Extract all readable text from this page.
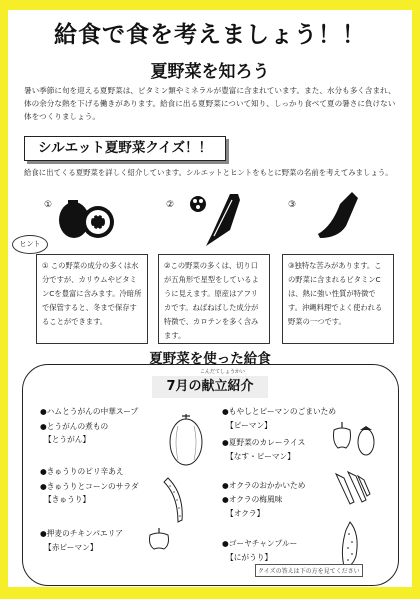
給食で食を考えましょう！！
夏野菜を知ろう
暑い季節に旬を迎える夏野菜は、ビタミン類やミネラルが豊富に含まれています。また、水分も多く含まれ、体の余分な熱を下げる働きがあります。給食に出る夏野菜について知り、しっかり食べて夏の暑さに負けない体をつくりましょう。
シルエット夏野菜クイズ！！
給食に出てくる夏野菜を詳しく紹介しています。シルエットとヒントをもとに野菜の名前を考えてみましょう。
①	②	③
ヒント
① この野菜の成分の多くは水分ですが、カリウムやビタミンCを豊富に含みます。冷暗所で保管すると、冬まで保存することができます。
②この野菜の多くは、切り口が五角形で星型をしているように見えます。原産はアフリカです。ねばねばした成分が特徴で、カロテンを多く含みます。
③独特な苦みがあります。この野菜に含まれるビタミンCは、熱に強い性質が特徴です。沖縄料理でよく使われる野菜の一つです。
夏野菜を使った給食
7月の献立紹介
こんだてしょうかい
●ハムとうがんの中華スープ
●とうがんの煮もの
【とうがん】
●きゅうりのピリ辛あえ
●きゅうりとコーンのサラダ
【きゅうり】
●押麦のチキンパエリア
【赤ピーマン】
●もやしとピーマンのごまいため
【ピーマン】
●夏野菜のカレーライス
【なす・ピーマン】
●オクラのおかかいため
●オクラの梅風味
【オクラ】
●ゴーヤチャンプルー
【にがうり】
クイズの答えは下の方を見てください
